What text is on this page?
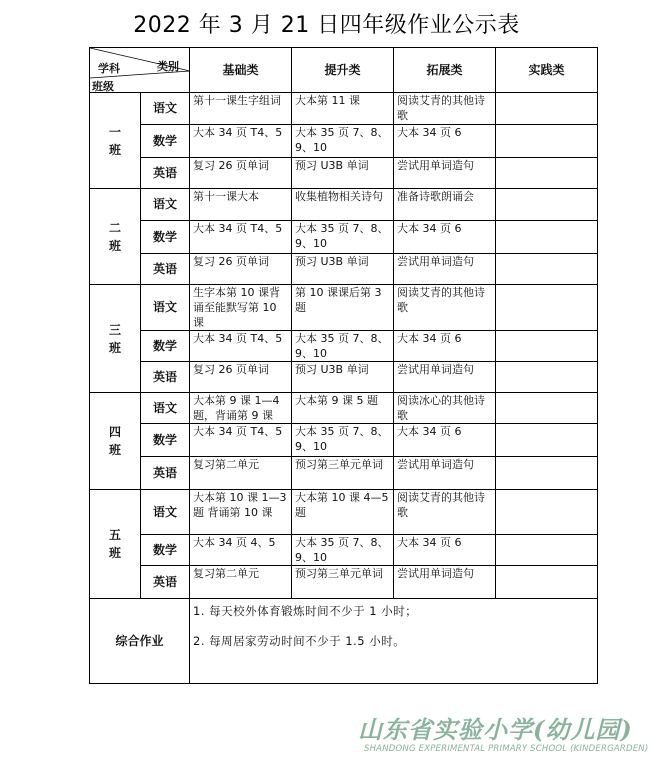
2022 年 3 月 21 日四年级作业公示表
学科 类别
班级		基础类	提升类	拓展类	实践类
一
班	语文	第十一课生字组词	大本第 11 课	阅读艾青的其他诗歌	
	数学	大本 34 页 T4、5	大本 35 页 7、8、9、10	大本 34 页 6	
	英语	复习 26 页单词	预习 U3B 单词	尝试用单词造句	
二
班	语文	第十一课大本	收集植物相关诗句	准备诗歌朗诵会	
	数学	大本 34 页 T4、5	大本 35 页 7、8、9、10	大本 34 页 6	
	英语	复习 26 页单词	预习 U3B 单词	尝试用单词造句	
三
班	语文	生字本第 10 课背诵至能默写第 10 课	第 10 课课后第 3 题	阅读艾青的其他诗歌	
	数学	大本 34 页 T4、5	大本 35 页 7、8、9、10	大本 34 页 6	
	英语	复习 26 页单词	预习 U3B 单词	尝试用单词造句	
四
班	语文	大本第 9 课 1—4 题，背诵第 9 课	大本第 9 课 5 题	阅读冰心的其他诗歌	
	数学	大本 34 页 T4、5	大本 35 页 7、8、9、10	大本 34 页 6	
	英语	复习第二单元	预习第三单元单词	尝试用单词造句	
五
班	语文	大本第 10 课 1—3 题 背诵第 10 课	大本第 10 课 4—5 题	阅读艾青的其他诗歌	
	数学	大本 34 页 4、5	大本 35 页 7、8、9、10	大本 34 页 6	
	英语	复习第二单元	预习第三单元单词	尝试用单词造句	
综合作业		1. 每天校外体育锻炼时间不少于 1 小时；
2. 每周居家劳动时间不少于 1.5 小时。			
山东省实验小学(幼儿园)
SHANDONG EXPERIMENTAL PRIMARY SCHOOL (KINDERGARDEN)
